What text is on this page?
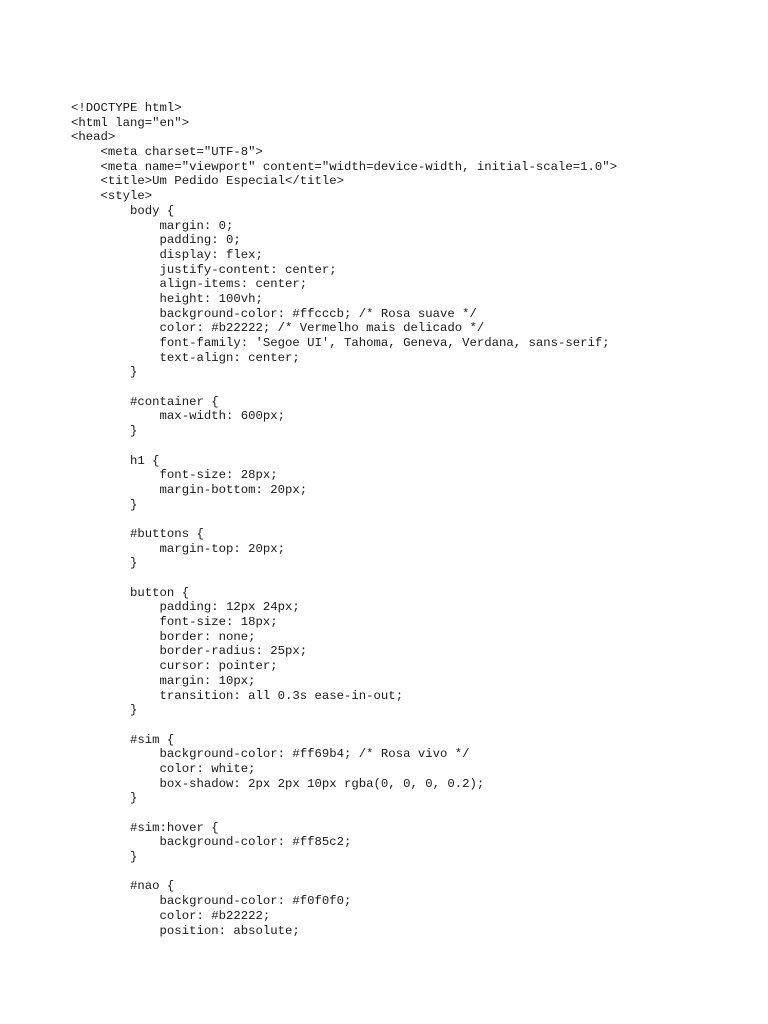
<!DOCTYPE html>
<html lang="en">
<head>
<meta charset="UTF-8">
<meta name="viewport" content="width=device-width, initial-scale=1.0">
<title>Um Pedido Especial</title>
<style>
body {
margin: 0;
padding: 0;
display: flex;
justify-content: center;
align-items: center;
height: 100vh;
background-color: #ffcccb; /* Rosa suave */
color: #b22222; /* Vermelho mais delicado */
font-family: 'Segoe UI', Tahoma, Geneva, Verdana, sans-serif;
text-align: center;
}
#container {
max-width: 600px;
}
h1 {
font-size: 28px;
margin-bottom: 20px;
}
#buttons {
margin-top: 20px;
}
button {
padding: 12px 24px;
font-size: 18px;
border: none;
border-radius: 25px;
cursor: pointer;
margin: 10px;
transition: all 0.3s ease-in-out;
}
#sim {
background-color: #ff69b4; /* Rosa vivo */
color: white;
box-shadow: 2px 2px 10px rgba(0, 0, 0, 0.2);
}
#sim:hover {
background-color: #ff85c2;
}
#nao {
background-color: #f0f0f0;
color: #b22222;
position: absolute;
